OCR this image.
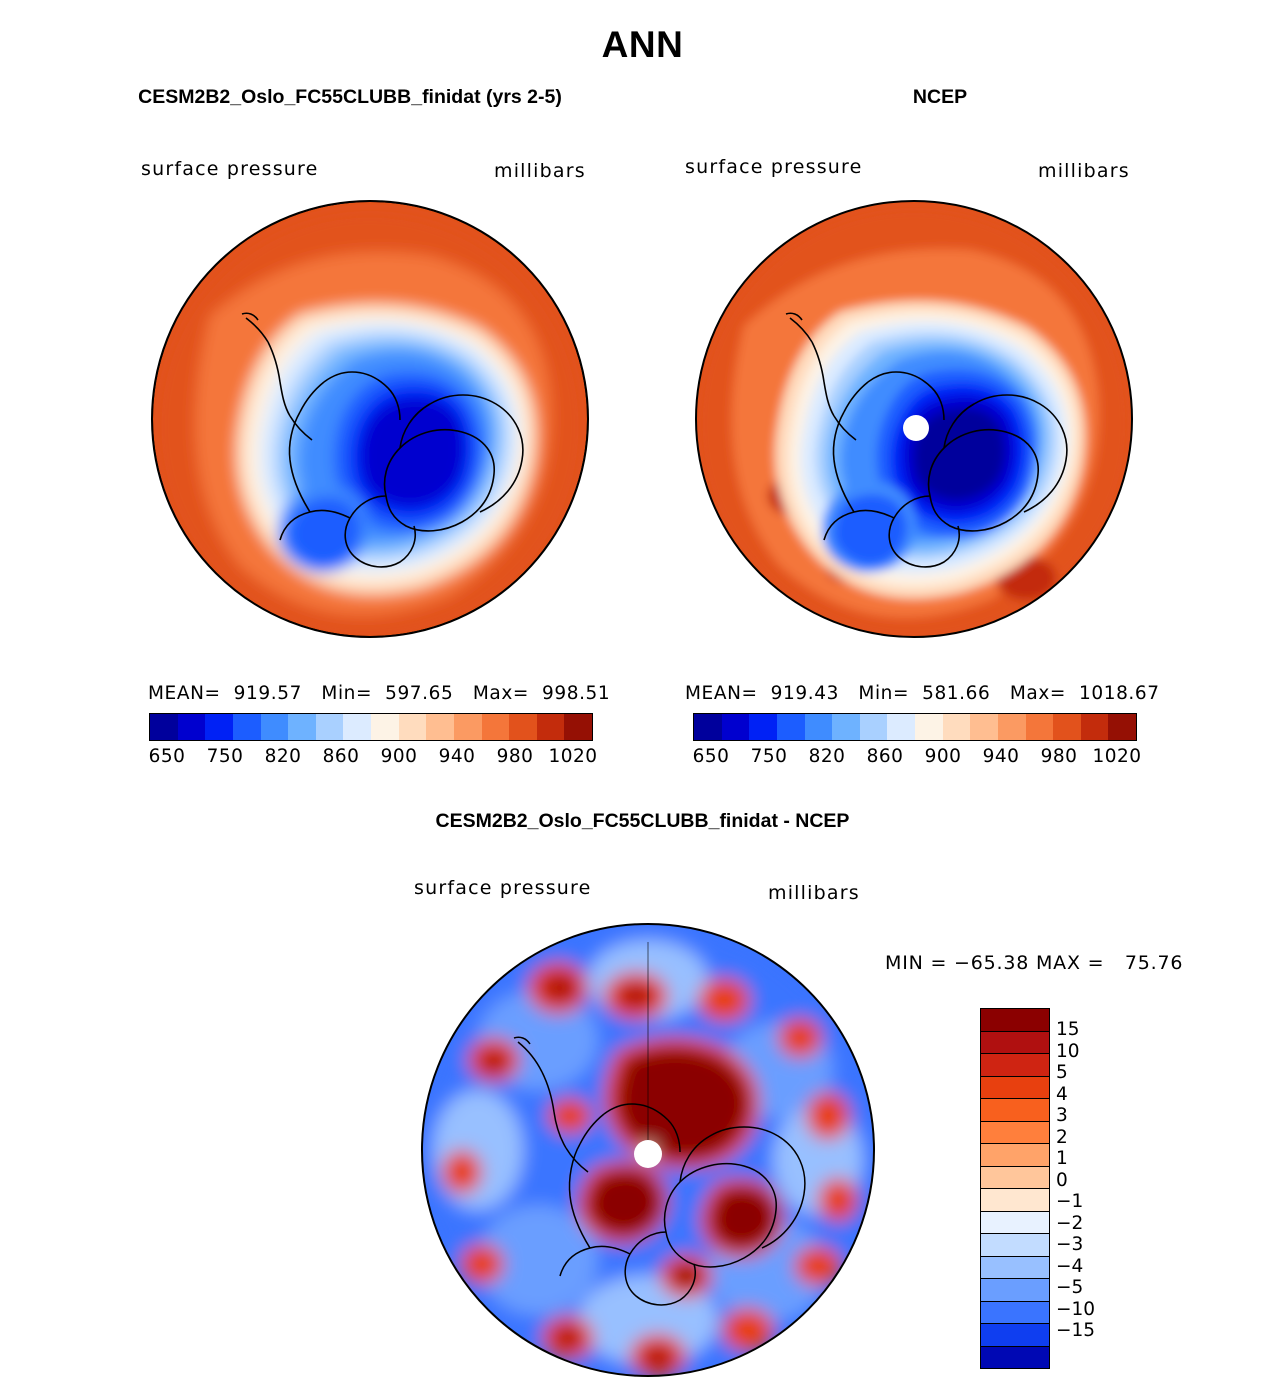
ANN
CESM2B2_Oslo_FC55CLUBB_finidat (yrs 2-5)
surface pressure	millibars
MEAN=  919.57   Min=  597.65   Max=  998.51
650	750	820	860	900	940	980 1020
NCEP
surface pressure	millibars
MEAN=  919.43   Min=  581.66   Max=  1018.67
650	750	820	860	900	940	980 1020
CESM2B2_Oslo_FC55CLUBB_finidat - NCEP
surface pressure	millibars
MIN = −65.38 MAX =   75.76
15
10
5
4
3
2
1
0
−1
−2
−3
−4
−5
−10
−15
